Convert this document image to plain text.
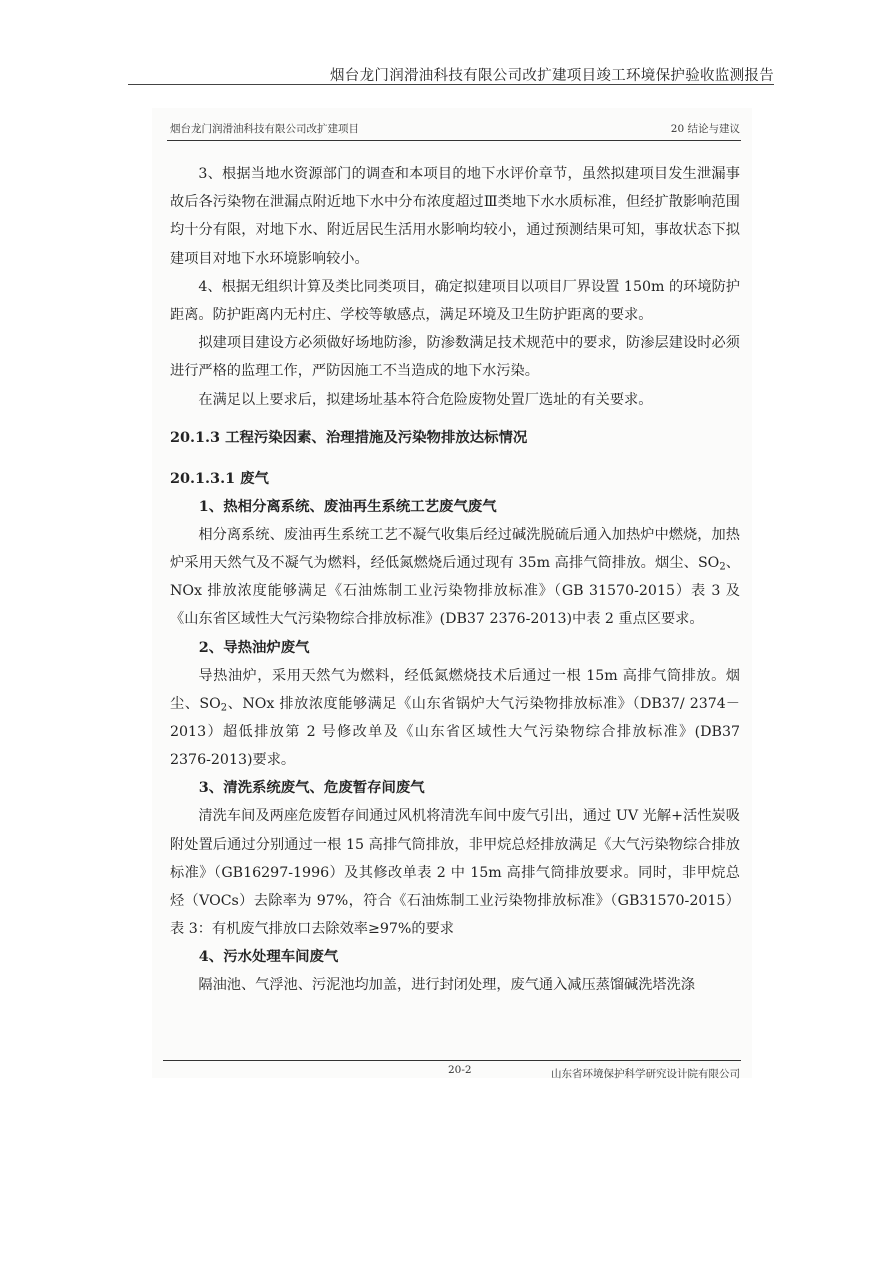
烟台龙门润滑油科技有限公司改扩建项目竣工环境保护验收监测报告
烟台龙门润滑油科技有限公司改扩建项目	20 结论与建议

3、根据当地水资源部门的调查和本项目的地下水评价章节，虽然拟建项目发生泄漏事故后各污染物在泄漏点附近地下水中分布浓度超过Ⅲ类地下水水质标准，但经扩散影响范围均十分有限，对地下水、附近居民生活用水影响均较小，通过预测结果可知，事故状态下拟建项目对地下水环境影响较小。

4、根据无组织计算及类比同类项目，确定拟建项目以项目厂界设置 150m 的环境防护距离。防护距离内无村庄、学校等敏感点，满足环境及卫生防护距离的要求。

拟建项目建设方必须做好场地防渗，防渗数满足技术规范中的要求，防渗层建设时必须进行严格的监理工作，严防因施工不当造成的地下水污染。

在满足以上要求后，拟建场址基本符合危险废物处置厂选址的有关要求。

20.1.3 工程污染因素、治理措施及污染物排放达标情况
20.1.3.1 废气
1、热相分离系统、废油再生系统工艺废气废气

相分离系统、废油再生系统工艺不凝气收集后经过碱洗脱硫后通入加热炉中燃烧，加热炉采用天然气及不凝气为燃料，经低氮燃烧后通过现有 35m 高排气筒排放。烟尘、$SO_2$、NOx 排放浓度能够满足《石油炼制工业污染物排放标准》（GB 31570-2015）表 3 及《山东省区域性大气污染物综合排放标准》(DB37 2376-2013)中表 2 重点区要求。

2、导热油炉废气

导热油炉，采用天然气为燃料，经低氮燃烧技术后通过一根 15m 高排气筒排放。烟尘、$SO_2$、NOx 排放浓度能够满足《山东省锅炉大气污染物排放标准》（DB37/ 2374－2013）超低排放第 2 号修改单及《山东省区域性大气污染物综合排放标准》(DB37 2376-2013)要求。

3、清洗系统废气、危废暂存间废气

清洗车间及两座危废暂存间通过风机将清洗车间中废气引出，通过 UV 光解+活性炭吸附处置后通过分别通过一根 15 高排气筒排放，非甲烷总烃排放满足《大气污染物综合排放标准》（GB16297-1996）及其修改单表 2 中 15m 高排气筒排放要求。同时，非甲烷总烃（VOCs）去除率为 97%，符合《石油炼制工业污染物排放标准》（GB31570-2015）表 3：有机废气排放口去除效率≥97%的要求

4、污水处理车间废气

隔油池、气浮池、污泥池均加盖，进行封闭处理，废气通入减压蒸馏碱洗塔洗涤

20-2	山东省环境保护科学研究设计院有限公司
